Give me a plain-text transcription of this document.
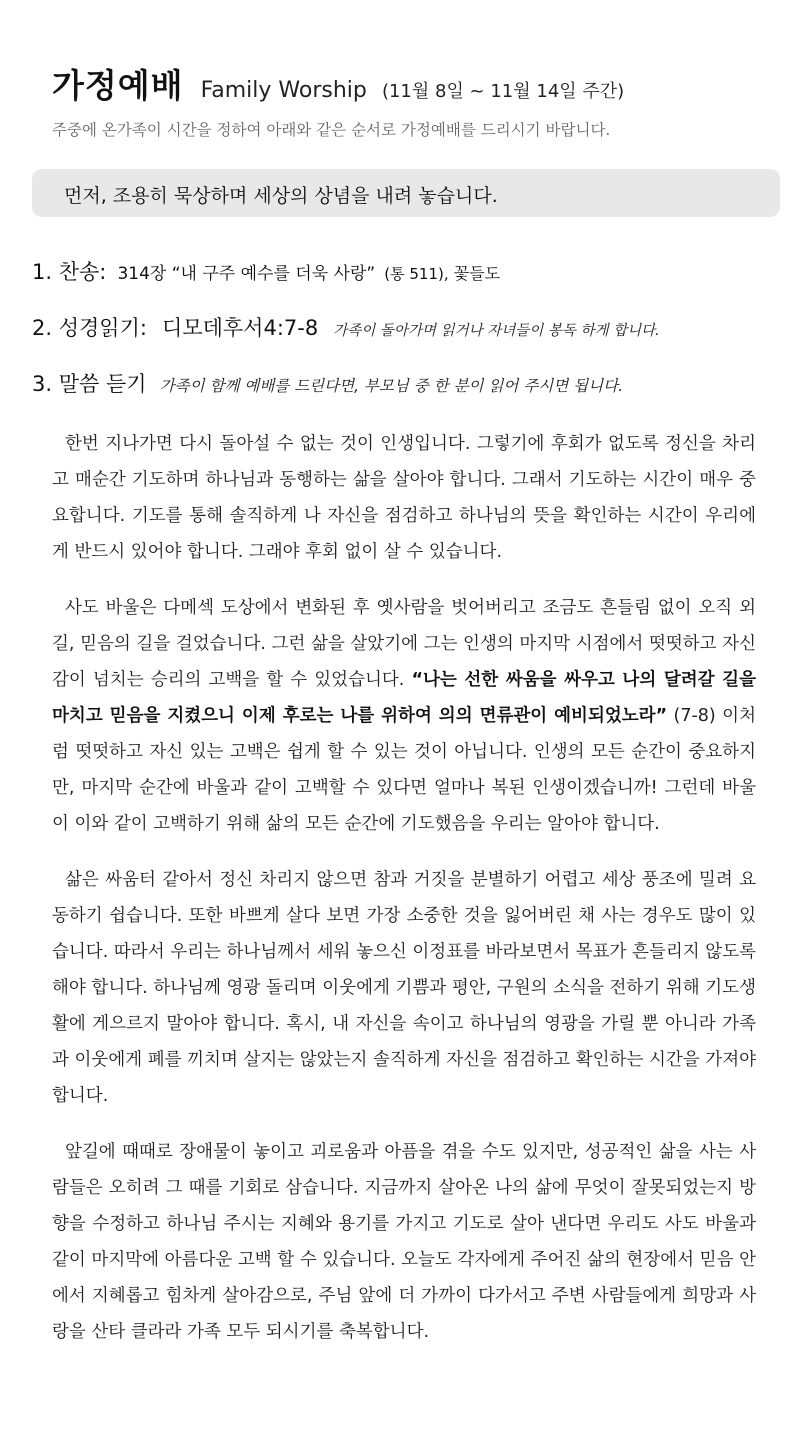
가정예배 Family Worship (11월 8일 ~ 11월 14일 주간)
주중에 온가족이 시간을 정하여 아래와 같은 순서로 가정예배를 드리시기 바랍니다.
먼저, 조용히 묵상하며 세상의 상념을 내려 놓습니다.
1. 찬송: 314장 “내 구주 예수를 더욱 사랑” (통 511), 꽃들도
2. 성경읽기: 디모데후서4:7-8 가족이 돌아가며 읽거나 자녀들이 봉독 하게 합니다.
3. 말씀 듣기 가족이 함께 예배를 드린다면, 부모님 중 한 분이 읽어 주시면 됩니다.

한번 지나가면 다시 돌아설 수 없는 것이 인생입니다. 그렇기에 후회가 없도록 정신을 차리고 매순간 기도하며 하나님과 동행하는 삶을 살아야 합니다. 그래서 기도하는 시간이 매우 중요합니다. 기도를 통해 솔직하게 나 자신을 점검하고 하나님의 뜻을 확인하는 시간이 우리에게 반드시 있어야 합니다. 그래야 후회 없이 살 수 있습니다.

사도 바울은 다메섹 도상에서 변화된 후 옛사람을 벗어버리고 조금도 흔들림 없이 오직 외길, 믿음의 길을 걸었습니다. 그런 삶을 살았기에 그는 인생의 마지막 시점에서 떳떳하고 자신감이 넘치는 승리의 고백을 할 수 있었습니다. “나는 선한 싸움을 싸우고 나의 달려갈 길을 마치고 믿음을 지켰으니 이제 후로는 나를 위하여 의의 면류관이 예비되었노라” (7-8) 이처럼 떳떳하고 자신 있는 고백은 쉽게 할 수 있는 것이 아닙니다. 인생의 모든 순간이 중요하지만, 마지막 순간에 바울과 같이 고백할 수 있다면 얼마나 복된 인생이겠습니까! 그런데 바울이 이와 같이 고백하기 위해 삶의 모든 순간에 기도했음을 우리는 알아야 합니다.

삶은 싸움터 같아서 정신 차리지 않으면 참과 거짓을 분별하기 어렵고 세상 풍조에 밀려 요동하기 쉽습니다. 또한 바쁘게 살다 보면 가장 소중한 것을 잃어버린 채 사는 경우도 많이 있습니다. 따라서 우리는 하나님께서 세워 놓으신 이정표를 바라보면서 목표가 흔들리지 않도록 해야 합니다. 하나님께 영광 돌리며 이웃에게 기쁨과 평안, 구원의 소식을 전하기 위해 기도생활에 게으르지 말아야 합니다. 혹시, 내 자신을 속이고 하나님의 영광을 가릴 뿐 아니라 가족과 이웃에게 폐를 끼치며 살지는 않았는지 솔직하게 자신을 점검하고 확인하는 시간을 가져야 합니다.

앞길에 때때로 장애물이 놓이고 괴로움과 아픔을 겪을 수도 있지만, 성공적인 삶을 사는 사람들은 오히려 그 때를 기회로 삼습니다. 지금까지 살아온 나의 삶에 무엇이 잘못되었는지 방향을 수정하고 하나님 주시는 지혜와 용기를 가지고 기도로 살아 낸다면 우리도 사도 바울과 같이 마지막에 아름다운 고백 할 수 있습니다. 오늘도 각자에게 주어진 삶의 현장에서 믿음 안에서 지혜롭고 힘차게 살아감으로, 주님 앞에 더 가까이 다가서고 주변 사람들에게 희망과 사랑을 산타 클라라 가족 모두 되시기를 축복합니다.
